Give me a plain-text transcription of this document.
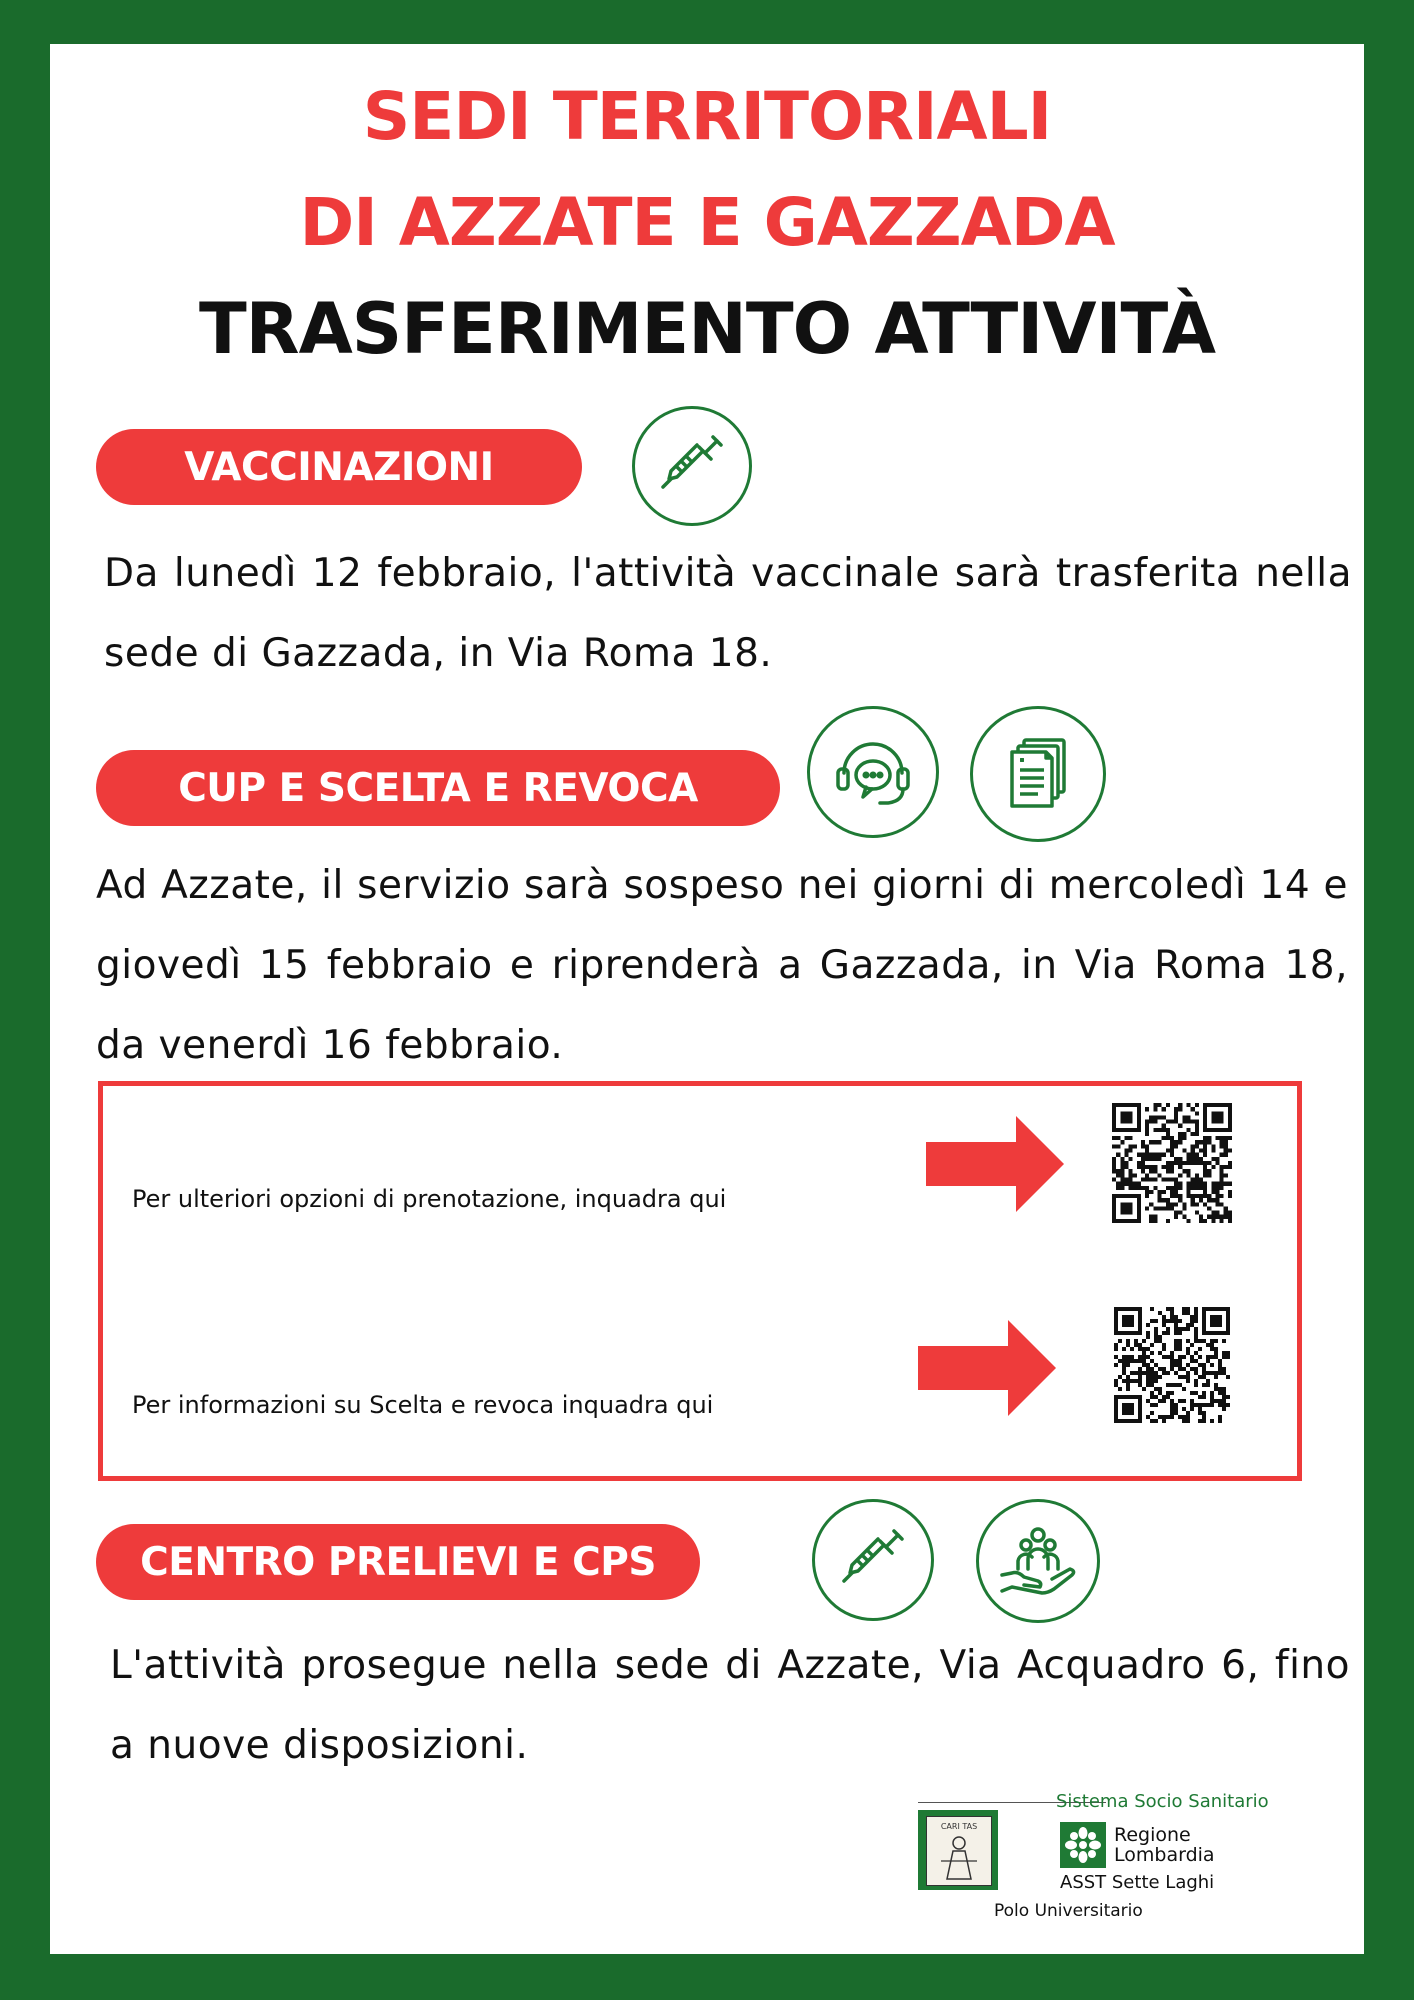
SEDI TERRITORIALI
DI AZZATE E GAZZADA
TRASFERIMENTO ATTIVITÀ
VACCINAZIONI

Da lunedì 12 febbraio, l'attività vaccinale sarà trasferita nella sede di Gazzada, in Via Roma 18.

CUP E SCELTA E REVOCA

Ad Azzate, il servizio sarà sospeso nei giorni di mercoledì 14 e giovedì 15 febbraio e riprenderà a Gazzada, in Via Roma 18, da venerdì 16 febbraio.

Per ulteriori opzioni di prenotazione, inquadra qui

Per informazioni su Scelta e revoca inquadra qui

CENTRO PRELIEVI E CPS

L'attività prosegue nella sede di Azzate, Via Acquadro 6, fino a nuove disposizioni.

Sistema Socio Sanitario

CARI TAS	Regione

Lombardia

ASST Sette Laghi

Polo Universitario
